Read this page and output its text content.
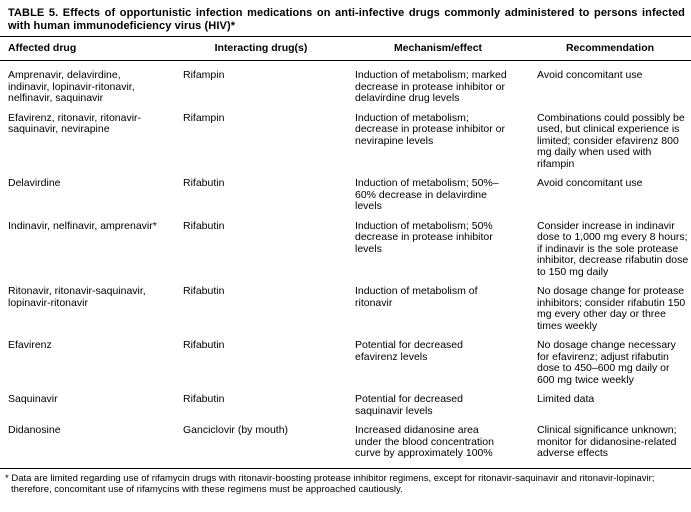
TABLE 5. Effects of opportunistic infection medications on anti-infective drugs commonly administered to persons infected with human immunodeficiency virus (HIV)*
Affected drug	Interacting drug(s)	Mechanism/effect	Recommendation

Amprenavir, delavirdine, indinavir, lopinavir-ritonavir, nelfinavir, saquinavir	Rifampin	Induction of metabolism; marked decrease in protease inhibitor or delavirdine drug levels	Avoid concomitant use

Efavirenz, ritonavir, ritonavir-saquinavir, nevirapine	Rifampin	Induction of metabolism; decrease in protease inhibitor or nevirapine levels	Combinations could possibly be used, but clinical experience is limited; consider efavirenz 800 mg daily when used with rifampin

Delavirdine	Rifabutin	Induction of metabolism; 50%–60% decrease in delavirdine levels	Avoid concomitant use

Indinavir, nelfinavir, amprenavir*	Rifabutin	Induction of metabolism; 50% decrease in protease inhibitor levels	Consider increase in indinavir dose to 1,000 mg every 8 hours; if indinavir is the sole protease inhibitor, decrease rifabutin dose to 150 mg daily

Ritonavir, ritonavir-saquinavir, lopinavir-ritonavir	Rifabutin	Induction of metabolism of ritonavir	No dosage change for protease inhibitors; consider rifabutin 150 mg every other day or three times weekly

Efavirenz	Rifabutin	Potential for decreased efavirenz levels	No dosage change necessary for efavirenz; adjust rifabutin dose to 450–600 mg daily or 600 mg twice weekly

Saquinavir	Rifabutin	Potential for decreased saquinavir levels	Limited data

Didanosine	Ganciclovir (by mouth)	Increased didanosine area under the blood concentration curve by approximately 100%	Clinical significance unknown; monitor for didanosine-related adverse effects
* Data are limited regarding use of rifamycin drugs with ritonavir-boosting protease inhibitor regimens, except for ritonavir-saquinavir and ritonavir-lopinavir; therefore, concomitant use of rifamycins with these regimens must be approached cautiously.
